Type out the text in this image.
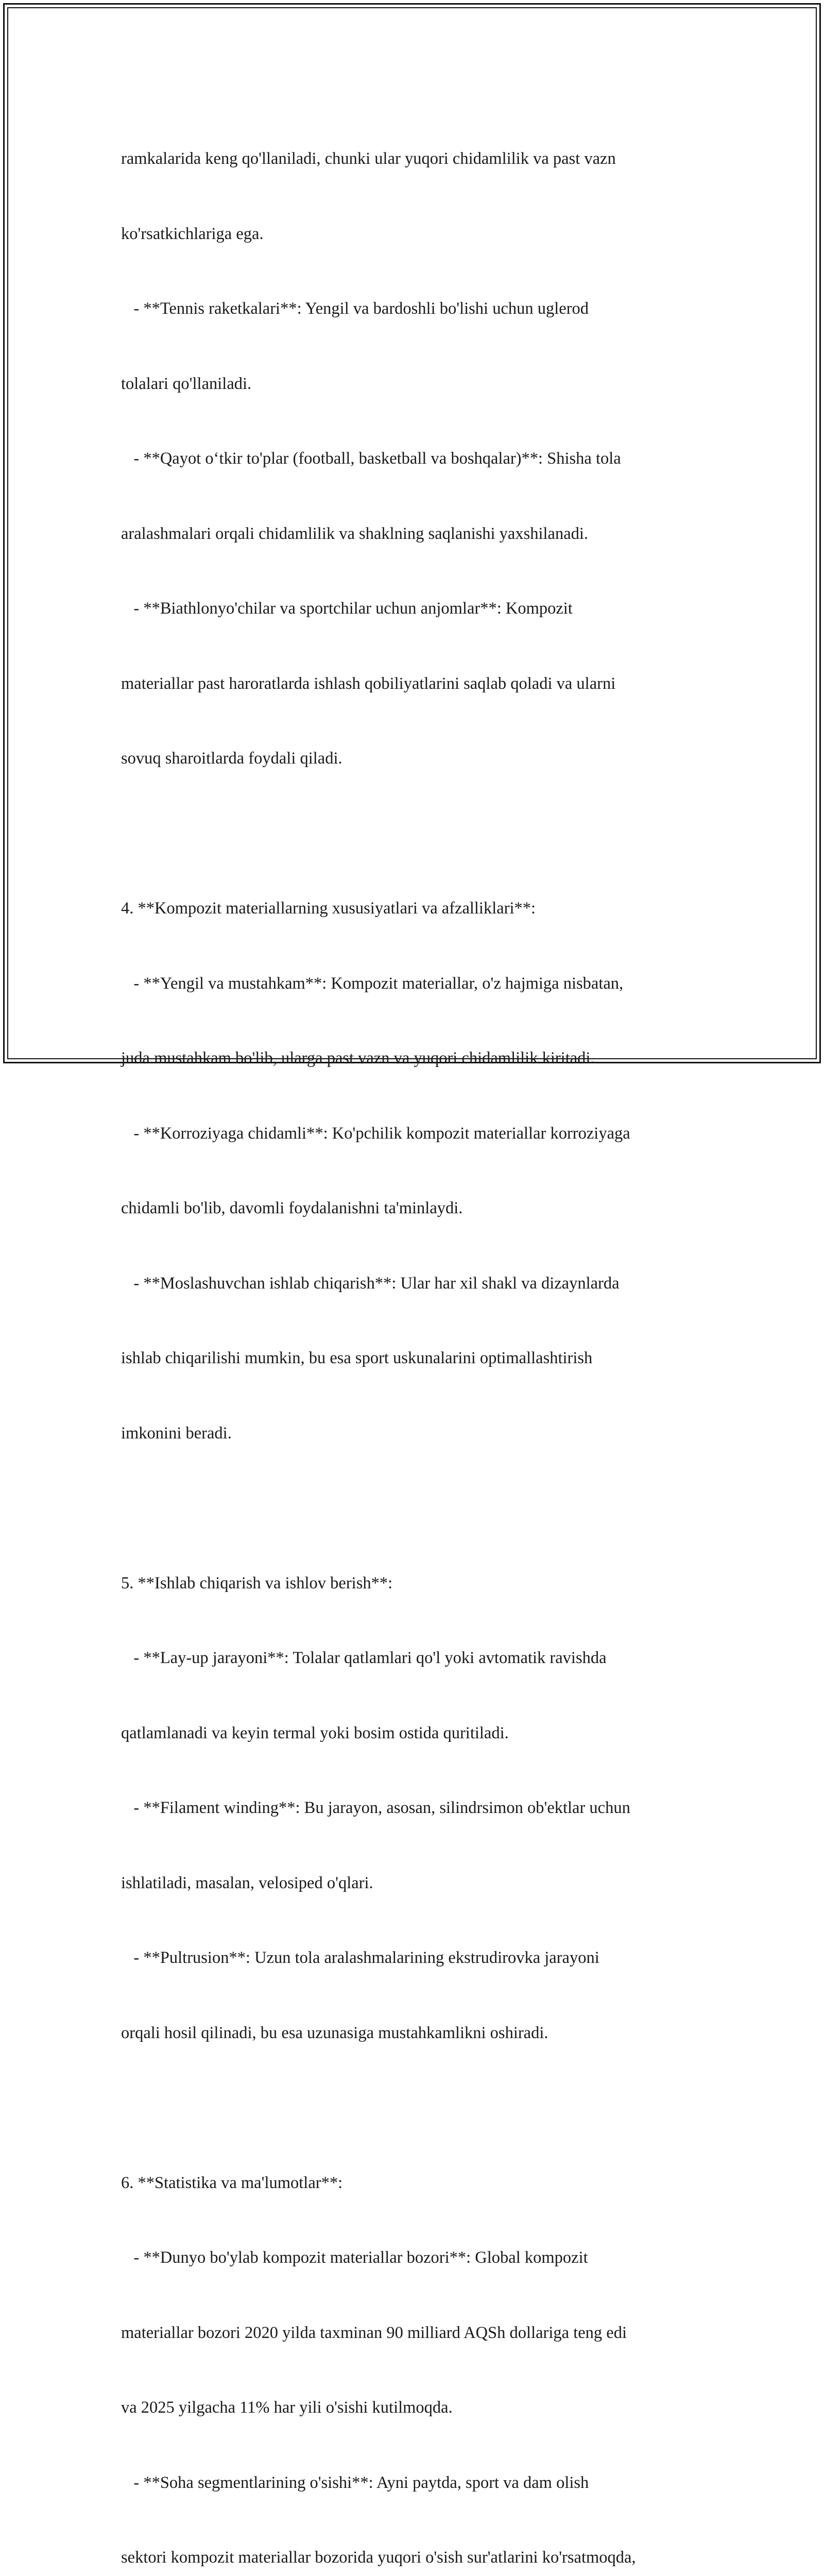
ramkalarida keng qo'llaniladi, chunki ular yuqori chidamlilik va past vazn

ko'rsatkichlariga ega.

- **Tennis raketkalari**: Yengil va bardoshli bo'lishi uchun uglerod

tolalari qo'llaniladi.

- **Qayot o‘tkir to'plar (football, basketball va boshqalar)**: Shisha tola

aralashmalari orqali chidamlilik va shaklning saqlanishi yaxshilanadi.

- **Biathlonyo'chilar va sportchilar uchun anjomlar**: Kompozit

materiallar past haroratlarda ishlash qobiliyatlarini saqlab qoladi va ularni

sovuq sharoitlarda foydali qiladi.

4. **Kompozit materiallarning xususiyatlari va afzalliklari**:

- **Yengil va mustahkam**: Kompozit materiallar, o'z hajmiga nisbatan,

juda mustahkam bo'lib, ularga past vazn va yuqori chidamlilik kiritadi.

- **Korroziyaga chidamli**: Ko'pchilik kompozit materiallar korroziyaga

chidamli bo'lib, davomli foydalanishni ta'minlaydi.

- **Moslashuvchan ishlab chiqarish**: Ular har xil shakl va dizaynlarda

ishlab chiqarilishi mumkin, bu esa sport uskunalarini optimallashtirish

imkonini beradi.

5. **Ishlab chiqarish va ishlov berish**:

- **Lay-up jarayoni**: Tolalar qatlamlari qo'l yoki avtomatik ravishda

qatlamlanadi va keyin termal yoki bosim ostida quritiladi.

- **Filament winding**: Bu jarayon, asosan, silindrsimon ob'ektlar uchun

ishlatiladi, masalan, velosiped o'qlari.

- **Pultrusion**: Uzun tola aralashmalarining ekstrudirovka jarayoni

orqali hosil qilinadi, bu esa uzunasiga mustahkamlikni oshiradi.

6. **Statistika va ma'lumotlar**:

- **Dunyo bo'ylab kompozit materiallar bozori**: Global kompozit

materiallar bozori 2020 yilda taxminan 90 milliard AQSh dollariga teng edi

va 2025 yilgacha 11% har yili o'sishi kutilmoqda.

- **Soha segmentlarining o'sishi**: Ayni paytda, sport va dam olish

sektori kompozit materiallar bozorida yuqori o'sish sur'atlarini ko'rsatmoqda,
